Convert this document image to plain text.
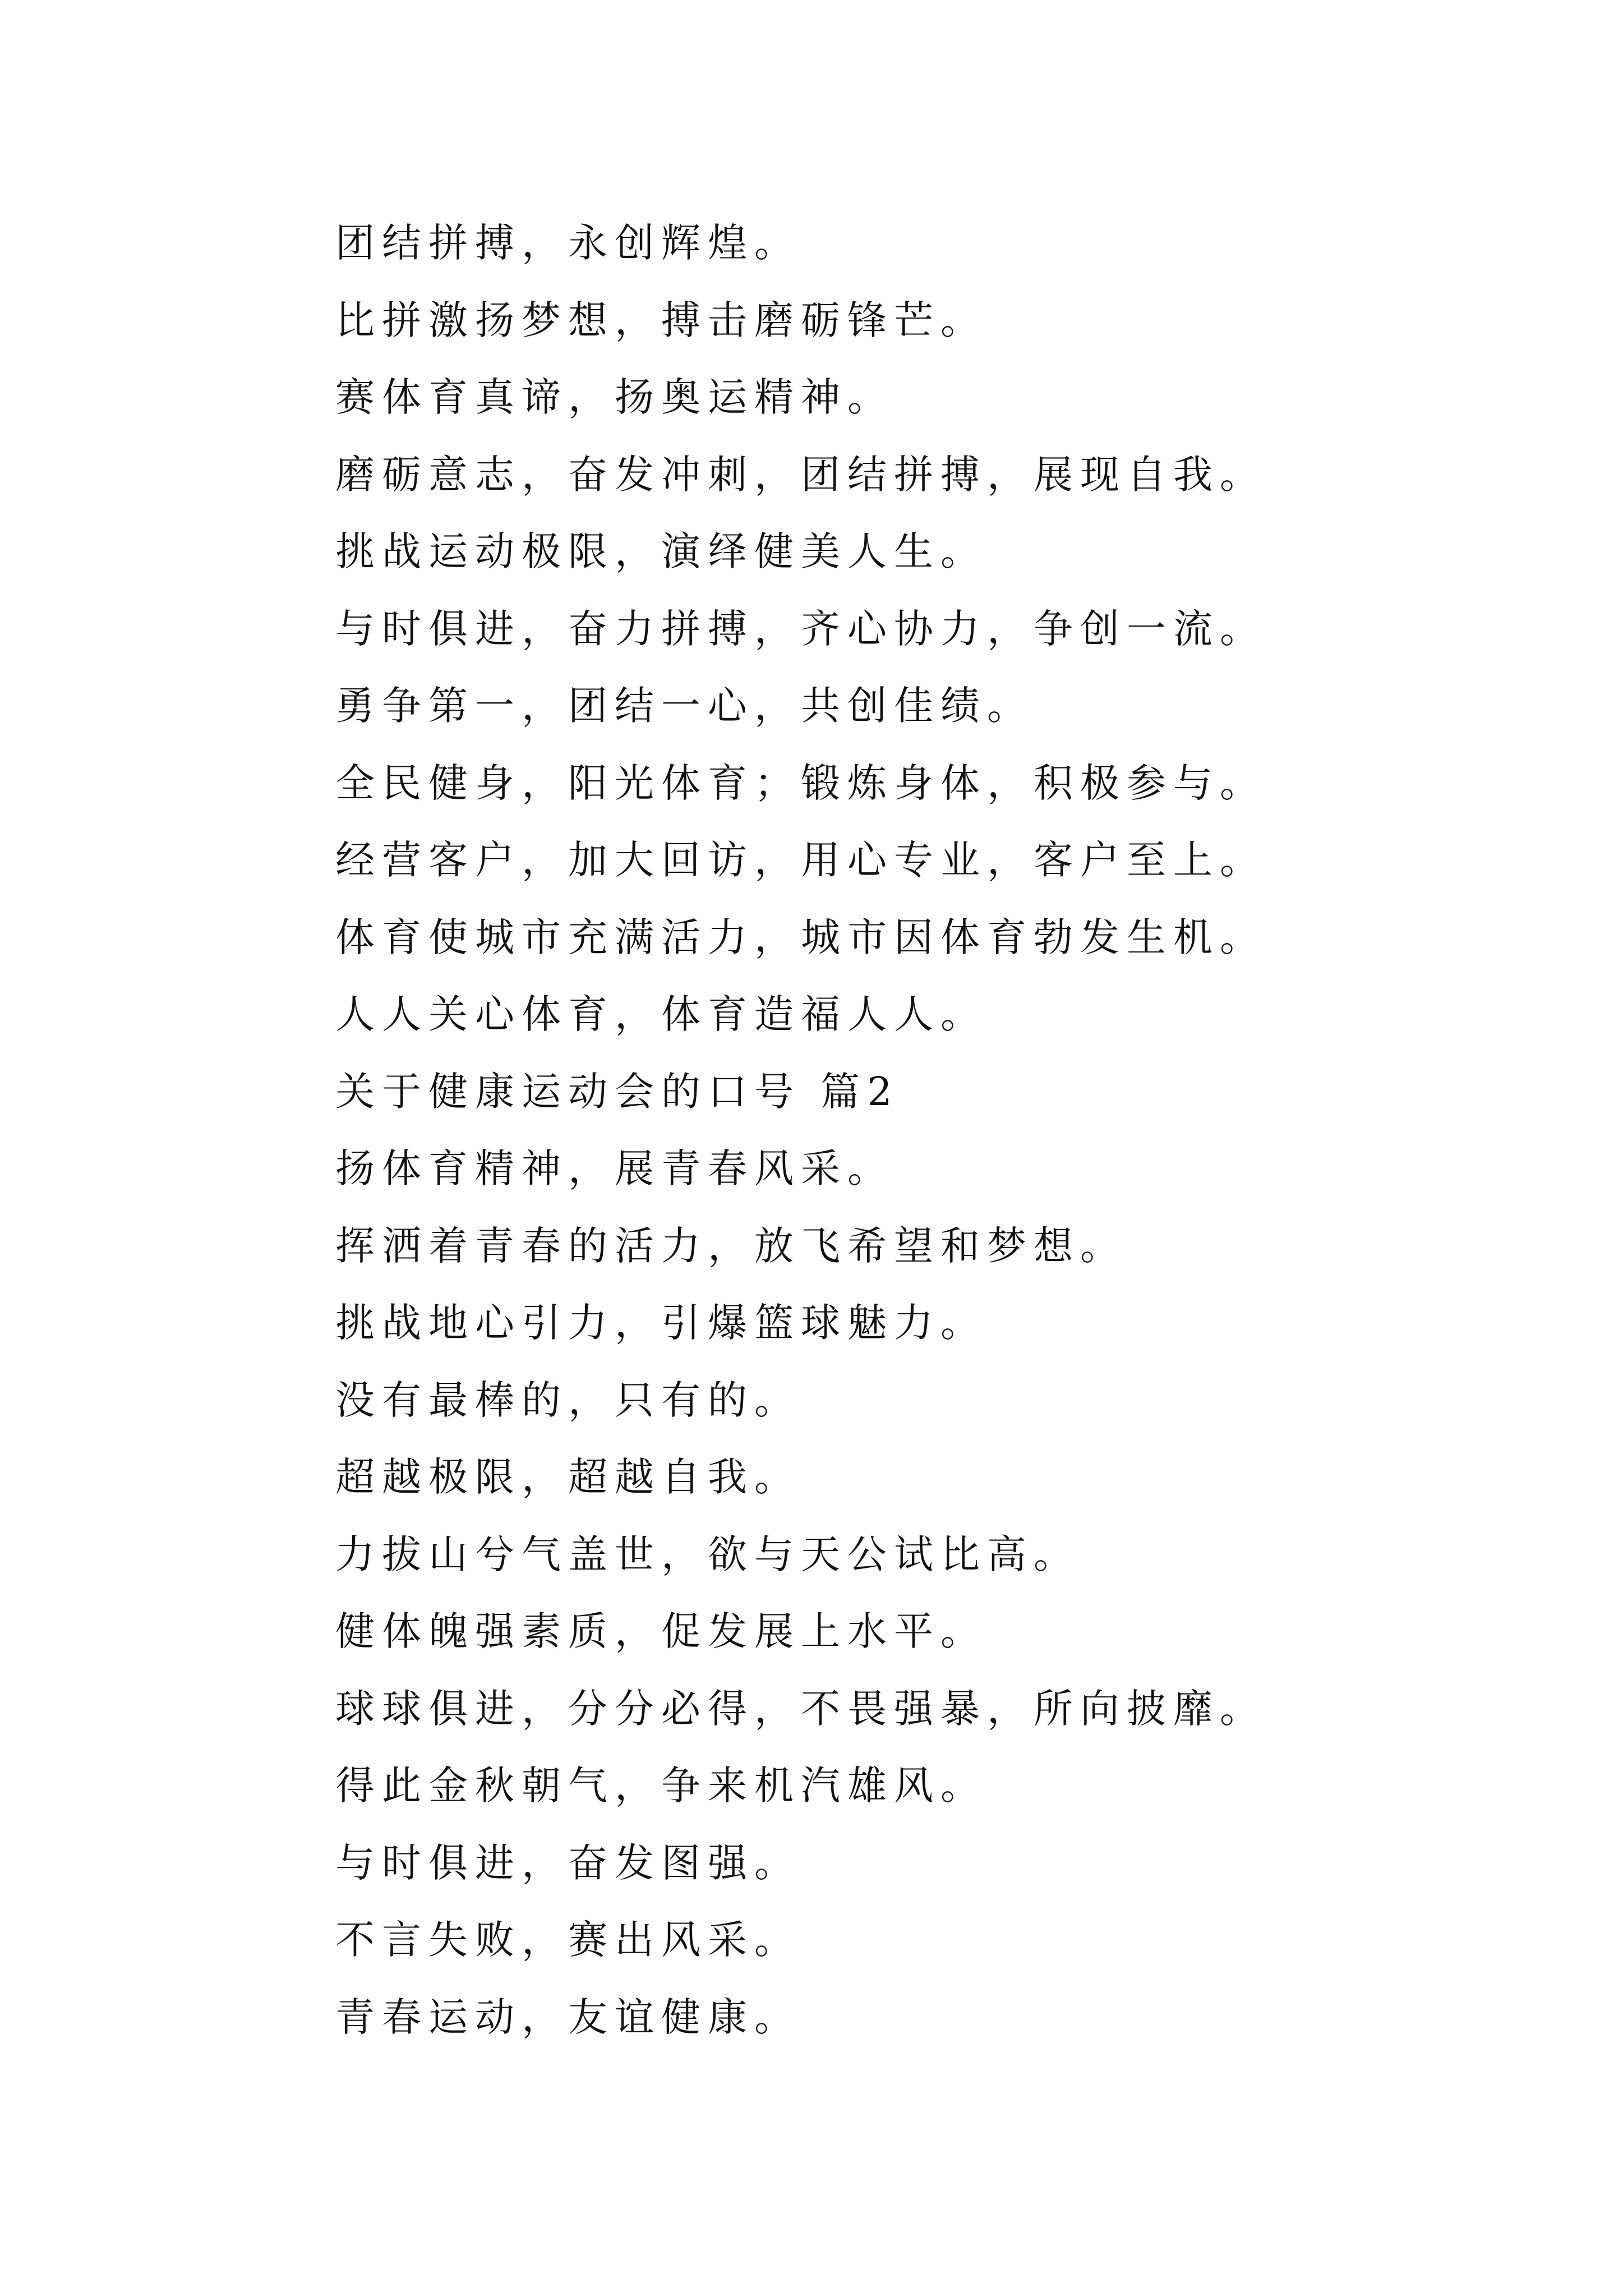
团结拼搏，永创辉煌。
比拼激扬梦想，搏击磨砺锋芒。
赛体育真谛，扬奥运精神。
磨砺意志，奋发冲刺，团结拼搏，展现自我。
挑战运动极限，演绎健美人生。
与时俱进，奋力拼搏，齐心协力，争创一流。
勇争第一，团结一心，共创佳绩。
全民健身，阳光体育；锻炼身体，积极参与。
经营客户，加大回访，用心专业，客户至上。
体育使城市充满活力，城市因体育勃发生机。
人人关心体育，体育造福人人。
关于健康运动会的口号 篇2
扬体育精神，展青春风采。
挥洒着青春的活力，放飞希望和梦想。
挑战地心引力，引爆篮球魅力。
没有最棒的，只有的。
超越极限，超越自我。
力拔山兮气盖世，欲与天公试比高。
健体魄强素质，促发展上水平。
球球俱进，分分必得，不畏强暴，所向披靡。
得此金秋朝气，争来机汽雄风。
与时俱进，奋发图强。
不言失败，赛出风采。
青春运动，友谊健康。
